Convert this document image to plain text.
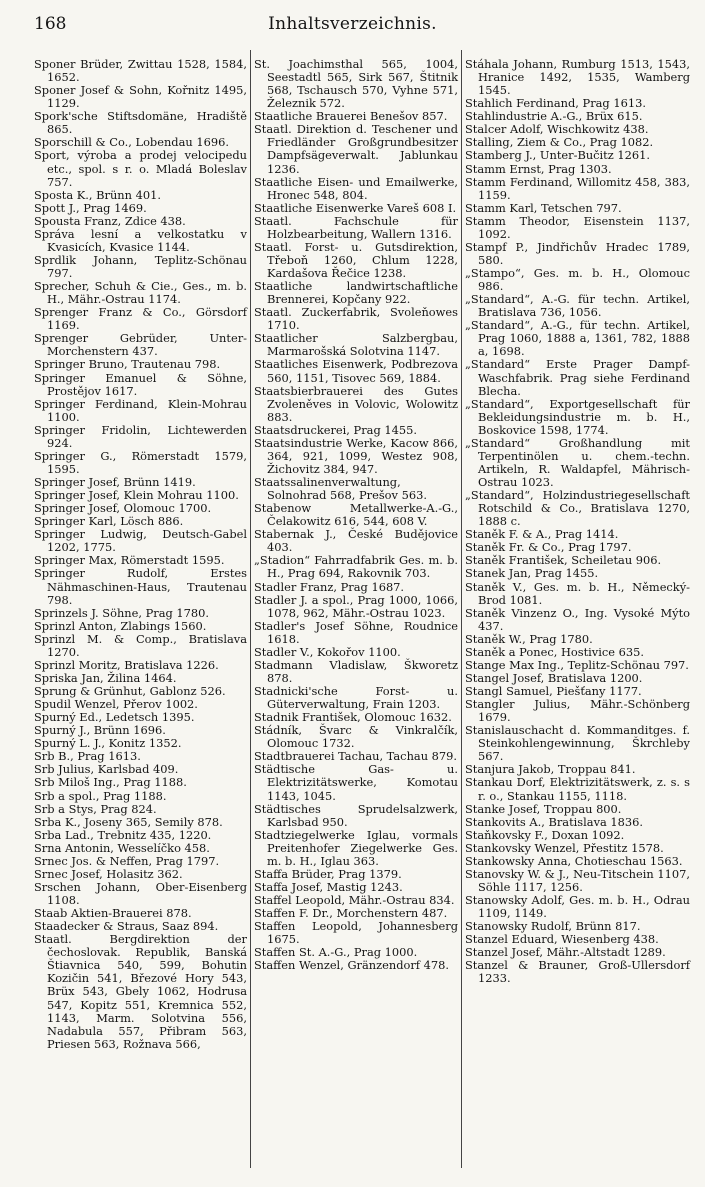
168	Inhaltsverzeichnis.
Sponer Brüder, Zwittau 1528, 1584, 1652.
Sponer Josef & Sohn, Kořnitz 1495, 1129.
Spork'sche Stiftsdomäne, Hradiště 865.
Sporschill & Co., Lobendau 1696.
Sport, výroba a prodej velocipedu etc., spol. s r. o. Mladá Boleslav 757.
Sposta K., Brünn 401.
Spott J., Prag 1469.
Spousta Franz, Zdice 438.
Správa lesní a velkostatku v Kvasicích, Kvasice 1144.
Sprdlik Johann, Teplitz-Schönau 797.
Sprecher, Schuh & Cie., Ges., m. b. H., Mähr.-Ostrau 1174.
Sprenger Franz & Co., Görsdorf 1169.
Sprenger Gebrüder, Unter-Morchenstern 437.
Springer Bruno, Trautenau 798.
Springer Emanuel & Söhne, Prostějov 1617.
Springer Ferdinand, Klein-Mohrau 1100.
Springer Fridolin, Lichtewerden 924.
Springer G., Römerstadt 1579, 1595.
Springer Josef, Brünn 1419.
Springer Josef, Klein Mohrau 1100.
Springer Josef, Olomouc 1700.
Springer Karl, Lösch 886.
Springer Ludwig, Deutsch-Gabel 1202, 1775.
Springer Max, Römerstadt 1595.
Springer Rudolf, Erstes Nähmaschinen-Haus, Trautenau 798.
Sprinzels J. Söhne, Prag 1780.
Sprinzl Anton, Zlabings 1560.
Sprinzl M. & Comp., Bratislava 1270.
Sprinzl Moritz, Bratislava 1226.
Spriska Jan, Žilina 1464.
Sprung & Grünhut, Gablonz 526.
Spudil Wenzel, Přerov 1002.
Spurný Ed., Ledetsch 1395.
Spurný J., Brünn 1696.
Spurný L. J., Konitz 1352.
Srb B., Prag 1613.
Srb Julius, Karlsbad 409.
Srb Miloš Ing., Prag 1188.
Srb a spol., Prag 1188.
Srb a Stys, Prag 824.
Srba K., Joseny 365, Semily 878.
Srba Lad., Trebnitz 435, 1220.
Srna Antonin, Wesselíčko 458.
Srnec Jos. & Neffen, Prag 1797.
Srnec Josef, Holasitz 362.
Srschen Johann, Ober-Eisenberg 1108.
Staab Aktien-Brauerei 878.
Staadecker & Straus, Saaz 894.
Staatl. Bergdirektion der čechoslovak. Republik, Banská Štiavnica 540, 599, Bohutin Kozičin 541, Březové Hory 543, Brüx 543, Gbely 1062, Hodrusa 547, Kopitz 551, Kremnica 552, 1143, Marm. Solotvina 556, Nadabula 557, Přibram 563, Priesen 563, Rožnava 566,
St. Joachimsthal 565, 1004, Seestadtl 565, Sirk 567, Štitnik 568, Tschausch 570, Vyhne 571, Železnik 572.
Staatliche Brauerei Benešov 857.
Staatl. Direktion d. Teschener und Friedländer Großgrundbesitzer Dampfsägeverwalt. Jablunkau 1236.
Staatliche Eisen- und Emailwerke, Hronec 548, 804.
Staatliche Eisenwerke Vareš 608 I.
Staatl. Fachschule für Holzbearbeitung, Wallern 1316.
Staatl. Forst- u. Gutsdirektion, Třeboň 1260, Chlum 1228, Kardašova Řečice 1238.
Staatliche landwirtschaftliche Brennerei, Kopčany 922.
Staatl. Zuckerfabrik, Svoleňowes 1710.
Staatlicher Salzbergbau, Marmarošská Solotvina 1147.
Staatliches Eisenwerk, Podbrezova 560, 1151, Tisovec 569, 1884.
Staatsbierbrauerei des Gutes Zvoleněves in Volovic, Wolowitz 883.
Staatsdruckerei, Prag 1455.
Staatsindustrie Werke, Kacow 866, 364, 921, 1099, Westez 908, Žichovitz 384, 947.
Staatssalinenverwaltung, Solnohrad 568, Prešov 563.
Stabenow Metallwerke-A.-G., Čelakowitz 616, 544, 608 V.
Stabernak J., České Budějovice 403.
„Stadion“ Fahrradfabrik Ges. m. b. H., Prag 694, Rakovnik 703.
Stadler Franz, Prag 1687.
Stadler J. a spol., Prag 1000, 1066, 1078, 962, Mähr.-Ostrau 1023.
Stadler's Josef Söhne, Roudnice 1618.
Stadler V., Kokořov 1100.
Stadmann Vladislaw, Škworetz 878.
Stadnicki'sche Forst- u. Güterverwaltung, Frain 1203.
Stadnik František, Olomouc 1632.
Stádník, Švarc & Vinkralčík, Olomouc 1732.
Stadtbrauerei Tachau, Tachau 879.
Städtische Gas- u. Elektrizitätswerke, Komotau 1143, 1045.
Städtisches Sprudelsalzwerk, Karlsbad 950.
Stadtziegelwerke Iglau, vormals Preitenhofer Ziegelwerke Ges. m. b. H., Iglau 363.
Staffa Brüder, Prag 1379.
Staffa Josef, Mastig 1243.
Staffel Leopold, Mähr.-Ostrau 834.
Staffen F. Dr., Morchenstern 487.
Staffen Leopold, Johannesberg 1675.
Staffen St. A.-G., Prag 1000.
Staffen Wenzel, Gränzendorf 478.
Stáhala Johann, Rumburg 1513, 1543, Hranice 1492, 1535, Wamberg 1545.
Stahlich Ferdinand, Prag 1613.
Stahlindustrie A.-G., Brüx 615.
Stalcer Adolf, Wischkowitz 438.
Stalling, Ziem & Co., Prag 1082.
Stamberg J., Unter-Bučitz 1261.
Stamm Ernst, Prag 1303.
Stamm Ferdinand, Willomitz 458, 383, 1159.
Stamm Karl, Tetschen 797.
Stamm Theodor, Eisenstein 1137, 1092.
Stampf P., Jindřichův Hradec 1789, 580.
„Stampo“, Ges. m. b. H., Olomouc 986.
„Standard“, A.-G. für techn. Artikel, Bratislava 736, 1056.
„Standard“, A.-G., für techn. Artikel, Prag 1060, 1888 a, 1361, 782, 1888 a, 1698.
„Standard“ Erste Prager Dampf-Waschfabrik. Prag siehe Ferdinand Blecha.
„Standard“, Exportgesellschaft für Bekleidungsindustrie m. b. H., Boskovice 1598, 1774.
„Standard“ Großhandlung mit Terpentinölen u. chem.-techn. Artikeln, R. Waldapfel, Mährisch-Ostrau 1023.
„Standard“, Holzindustriegesellschaft Rotschild & Co., Bratislava 1270, 1888 c.
Staněk F. & A., Prag 1414.
Staněk Fr. & Co., Prag 1797.
Staněk František, Scheiletau 906.
Stanek Jan, Prag 1455.
Staněk V., Ges. m. b. H., Německý-Brod 1081.
Staněk Vinzenz O., Ing. Vysoké Mýto 437.
Staněk W., Prag 1780.
Staněk a Ponec, Hostivice 635.
Stange Max Ing., Teplitz-Schönau 797.
Stangel Josef, Bratislava 1200.
Stangl Samuel, Piešťany 1177.
Stangler Julius, Mähr.-Schönberg 1679.
Stanislauschacht d. Kommanditges. f. Steinkohlengewinnung, Škrchleby 567.
Stanjura Jakob, Troppau 841.
Stankau Dorf, Elektrizitätswerk, z. s. s r. o., Stankau 1155, 1118.
Stanke Josef, Troppau 800.
Stankovits A., Bratislava 1836.
Staňkovsky F., Doxan 1092.
Stankovsky Wenzel, Přestitz 1578.
Stankowsky Anna, Chotieschau 1563.
Stanovsky W. & J., Neu-Titschein 1107, Söhle 1117, 1256.
Stanowsky Adolf, Ges. m. b. H., Odrau 1109, 1149.
Stanowsky Rudolf, Brünn 817.
Stanzel Eduard, Wiesenberg 438.
Stanzel Josef, Mähr.-Altstadt 1289.
Stanzel & Brauner, Groß-Ullersdorf 1233.
